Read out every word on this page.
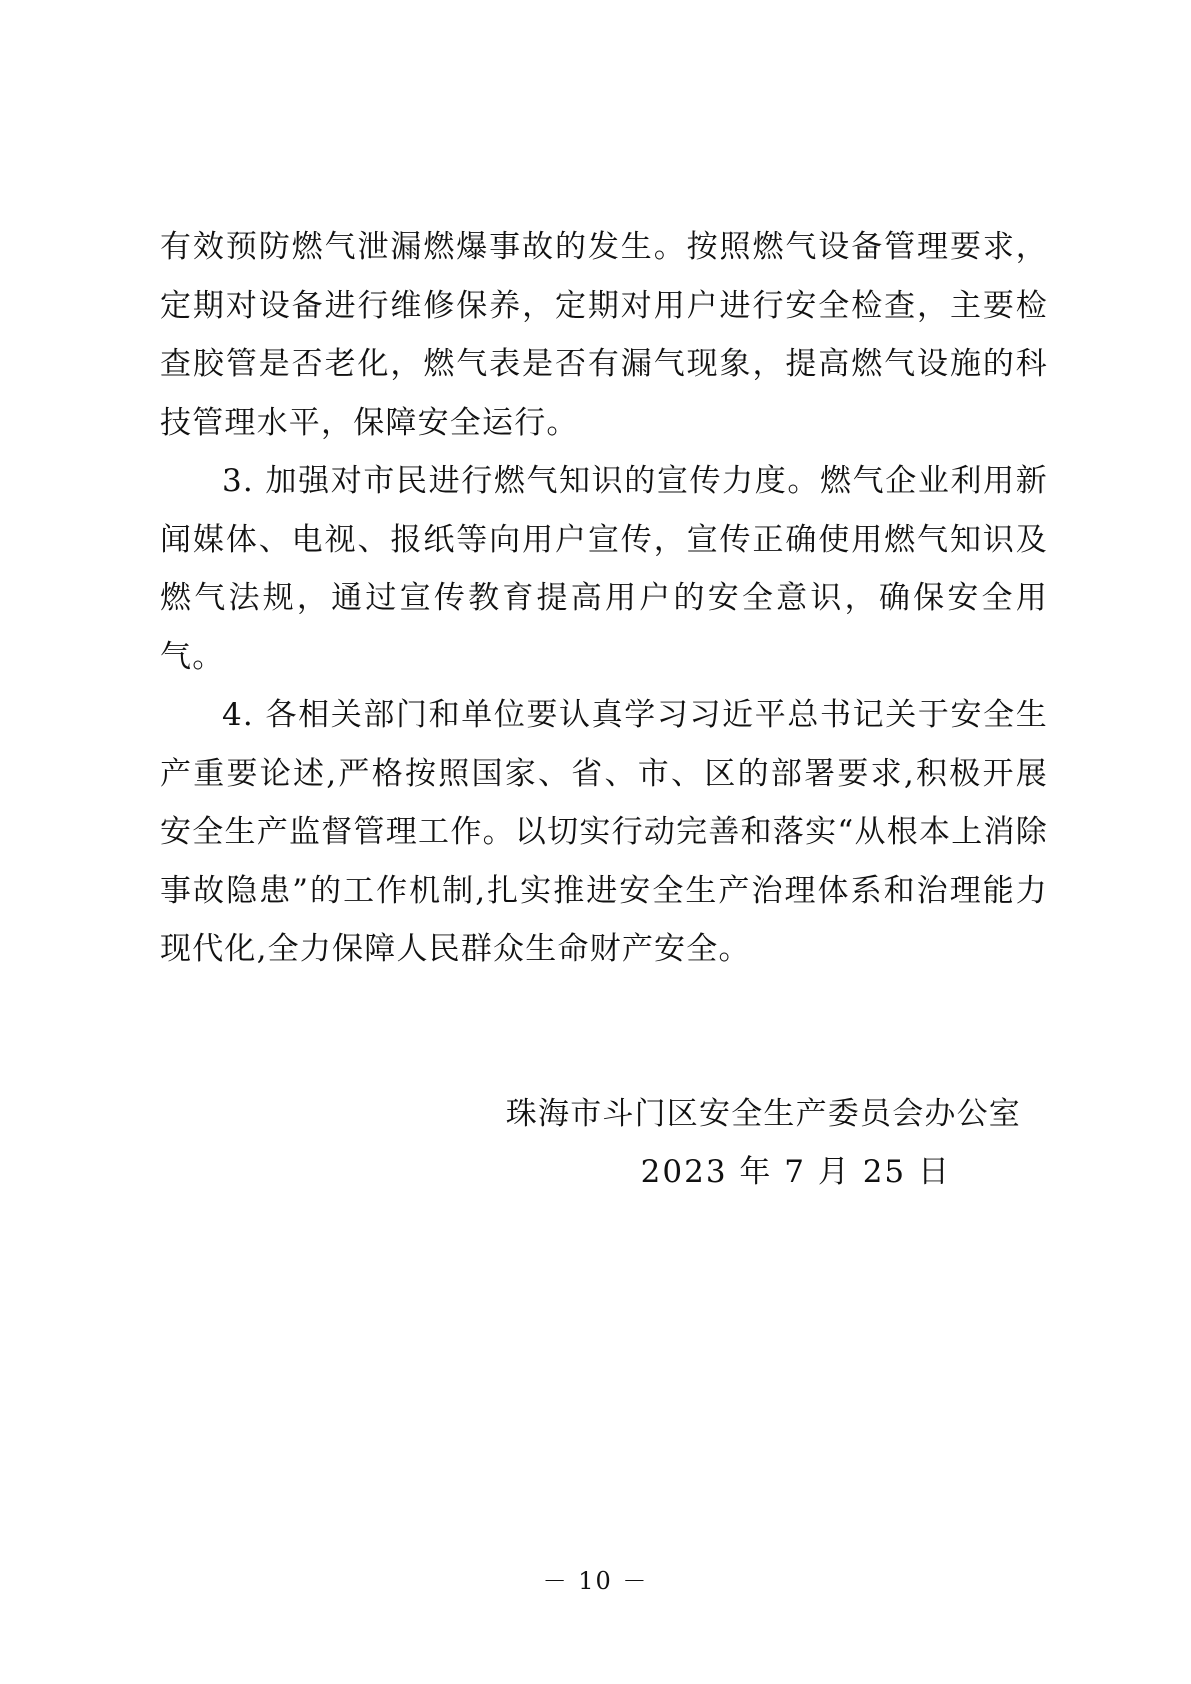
有效预防燃气泄漏燃爆事故的发生。按照燃气设备管理要求，定期对设备进行维修保养，定期对用户进行安全检查，主要检查胶管是否老化，燃气表是否有漏气现象，提高燃气设施的科技管理水平，保障安全运行。

3. 加强对市民进行燃气知识的宣传力度。燃气企业利用新闻媒体、电视、报纸等向用户宣传，宣传正确使用燃气知识及燃气法规，通过宣传教育提高用户的安全意识，确保安全用气。

4. 各相关部门和单位要认真学习习近平总书记关于安全生产重要论述,严格按照国家、省、市、区的部署要求,积极开展安全生产监督管理工作。以切实行动完善和落实“从根本上消除事故隐患”的工作机制,扎实推进安全生产治理体系和治理能力现代化,全力保障人民群众生命财产安全。

珠海市斗门区安全生产委员会办公室
2023 年 7 月 25 日
－ 10 －
